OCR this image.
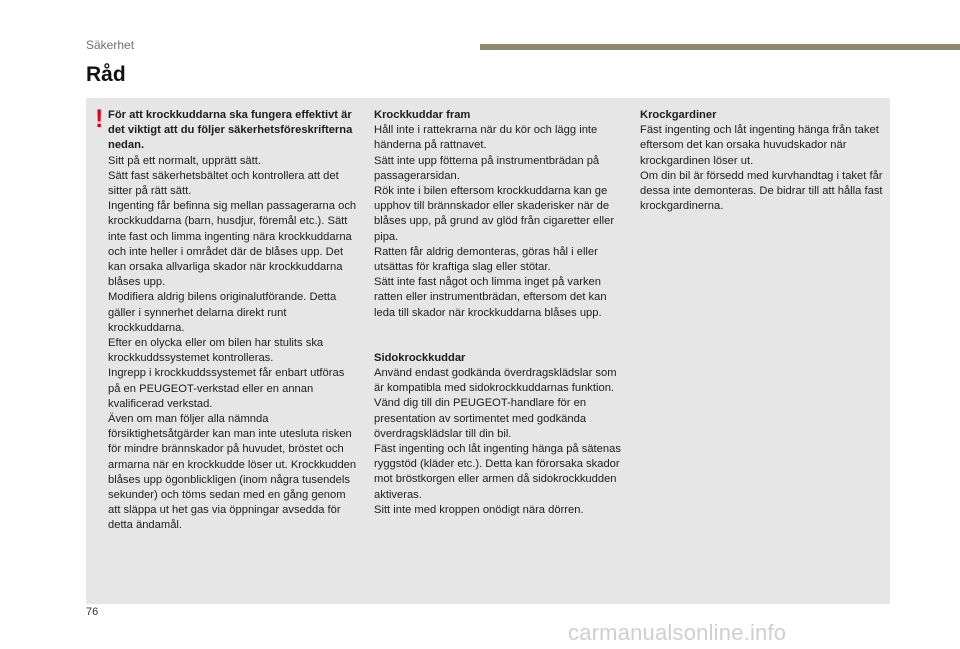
Säkerhet
Råd
! För att krockkuddarna ska fungera effektivt är det viktigt att du följer säkerhetsföreskrifterna nedan.
Sitt på ett normalt, upprätt sätt.
Sätt fast säkerhetsbältet och kontrollera att det sitter på rätt sätt.
Ingenting får befinna sig mellan passagerarna och krockkuddarna (barn, husdjur, föremål etc.). Sätt inte fast och limma ingenting nära krockkuddarna och inte heller i området där de blåses upp. Det kan orsaka allvarliga skador när krockkuddarna blåses upp.
Modifiera aldrig bilens originalutförande. Detta gäller i synnerhet delarna direkt runt krockkuddarna.
Efter en olycka eller om bilen har stulits ska krockkuddssystemet kontrolleras.
Ingrepp i krockkuddssystemet får enbart utföras på en PEUGEOT-verkstad eller en annan kvalificerad verkstad.
Även om man följer alla nämnda försiktighetsåtgärder kan man inte utesluta risken för mindre brännskador på huvudet, bröstet och armarna när en krockkudde löser ut. Krockkudden blåses upp ögonblickligen (inom några tusendels sekunder) och töms sedan med en gång genom att släppa ut het gas via öppningar avsedda för detta ändamål.
Krockkuddar fram
Håll inte i rattekrarna när du kör och lägg inte händerna på rattnavet.
Sätt inte upp fötterna på instrumentbrädan på passagerarsidan.
Rök inte i bilen eftersom krockkuddarna kan ge upphov till brännskador eller skaderisker när de blåses upp, på grund av glöd från cigaretter eller pipa.
Ratten får aldrig demonteras, göras hål i eller utsättas för kraftiga slag eller stötar.
Sätt inte fast något och limma inget på varken ratten eller instrumentbrädan, eftersom det kan leda till skador när krockkuddarna blåses upp.
Sidokrockkuddar
Använd endast godkända överdragsklädslar som är kompatibla med sidokrockkuddarnas funktion. Vänd dig till din PEUGEOT-handlare för en presentation av sortimentet med godkända överdragsklädslar till din bil.
Fäst ingenting och låt ingenting hänga på sätenas ryggstöd (kläder etc.). Detta kan förorsaka skador mot bröstkorgen eller armen då sidokrockkudden aktiveras.
Sitt inte med kroppen onödigt nära dörren.
Krockgardiner
Fäst ingenting och låt ingenting hänga från taket eftersom det kan orsaka huvudskador när krockgardinen löser ut.
Om din bil är försedd med kurvhandtag i taket får dessa inte demonteras. De bidrar till att hålla fast krockgardinerna.
76
carmanualsonline.info
